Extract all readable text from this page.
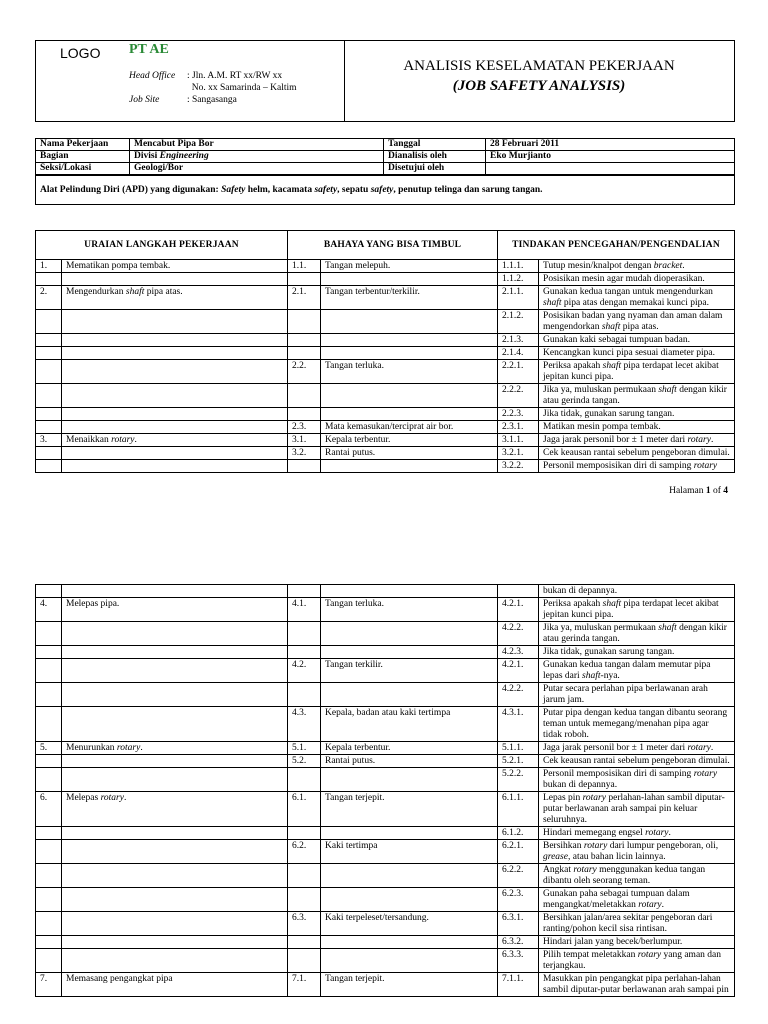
LOGO PT AE
Head Office : Jln. A.M. RT xx/RW xx
No. xx Samarinda – Kaltim
Job Site	: Sangasanga
ANALISIS KESELAMATAN PEKERJAAN
(JOB SAFETY ANALYSIS)
Nama Pekerjaan	Mencabut Pipa Bor	Tanggal	28 Februari 2011
Bagian	Divisi Engineering	Dianalisis oleh	Eko Murjianto
Seksi/Lokasi	Geologi/Bor	Disetujui oleh	
Alat Pelindung Diri (APD) yang digunakan: Safety helm, kacamata safety, sepatu safety, penutup telinga dan sarung tangan.
URAIAN LANGKAH PEKERJAAN		BAHAYA YANG BISA TIMBUL		TINDAKAN PENCEGAHAN/PENGENDALIAN	
1.	Mematikan pompa tembak.	1.1.	Tangan melepuh.	1.1.1.	Tutup mesin/knalpot dengan bracket.
				1.1.2.	Posisikan mesin agar mudah dioperasikan.
2.	Mengendurkan shaft pipa atas.	2.1.	Tangan terbentur/terkilir.	2.1.1.	Gunakan kedua tangan untuk mengendurkan shaft pipa atas dengan memakai kunci pipa.
				2.1.2.	Posisikan badan yang nyaman dan aman dalam mengendorkan shaft pipa atas.
				2.1.3.	Gunakan kaki sebagai tumpuan badan.
				2.1.4.	Kencangkan kunci pipa sesuai diameter pipa.
		2.2.	Tangan terluka.	2.2.1.	Periksa apakah shaft pipa terdapat lecet akibat jepitan kunci pipa.
				2.2.2.	Jika ya, muluskan permukaan shaft dengan kikir atau gerinda tangan.
				2.2.3.	Jika tidak, gunakan sarung tangan.
		2.3.	Mata kemasukan/terciprat air bor.	2.3.1.	Matikan mesin pompa tembak.
3.	Menaikkan rotary.	3.1.	Kepala terbentur.	3.1.1.	Jaga jarak personil bor ± 1 meter dari rotary.
		3.2.	Rantai putus.	3.2.1.	Cek keausan rantai sebelum pengeboran dimulai.
				3.2.2.	Personil memposisikan diri di samping rotary
Halaman 1 of 4
					bukan di depannya.
4.	Melepas pipa.	4.1.	Tangan terluka.	4.2.1.	Periksa apakah shaft pipa terdapat lecet akibat jepitan kunci pipa.
				4.2.2.	Jika ya, muluskan permukaan shaft dengan kikir atau gerinda tangan.
				4.2.3.	Jika tidak, gunakan sarung tangan.
		4.2.	Tangan terkilir.	4.2.1.	Gunakan kedua tangan dalam memutar pipa lepas dari shaft-nya.
				4.2.2.	Putar secara perlahan pipa berlawanan arah jarum jam.
		4.3.	Kepala, badan atau kaki tertimpa	4.3.1.	Putar pipa dengan kedua tangan dibantu seorang teman untuk memegang/menahan pipa agar tidak roboh.
5.	Menurunkan rotary.	5.1.	Kepala terbentur.	5.1.1.	Jaga jarak personil bor ± 1 meter dari rotary.
		5.2.	Rantai putus.	5.2.1.	Cek keausan rantai sebelum pengeboran dimulai.
				5.2.2.	Personil memposisikan diri di samping rotary bukan di depannya.
6.	Melepas rotary.	6.1.	Tangan terjepit.	6.1.1.	Lepas pin rotary perlahan-lahan sambil diputar-putar berlawanan arah sampai pin keluar seluruhnya.
				6.1.2.	Hindari memegang engsel rotary.
		6.2.	Kaki tertimpa	6.2.1.	Bersihkan rotary dari lumpur pengeboran, oli, grease, atau bahan licin lainnya.
				6.2.2.	Angkat rotary menggunakan kedua tangan dibantu oleh seorang teman.
				6.2.3.	Gunakan paha sebagai tumpuan dalam mengangkat/meletakkan rotary.
		6.3.	Kaki terpeleset/tersandung.	6.3.1.	Bersihkan jalan/area sekitar pengeboran dari ranting/pohon kecil sisa rintisan.
				6.3.2.	Hindari jalan yang becek/berlumpur.
				6.3.3.	Pilih tempat meletakkan rotary yang aman dan terjangkau.
7.	Memasang pengangkat pipa	7.1.	Tangan terjepit.	7.1.1.	Masukkan pin pengangkat pipa perlahan-lahan sambil diputar-putar berlawanan arah sampai pin
